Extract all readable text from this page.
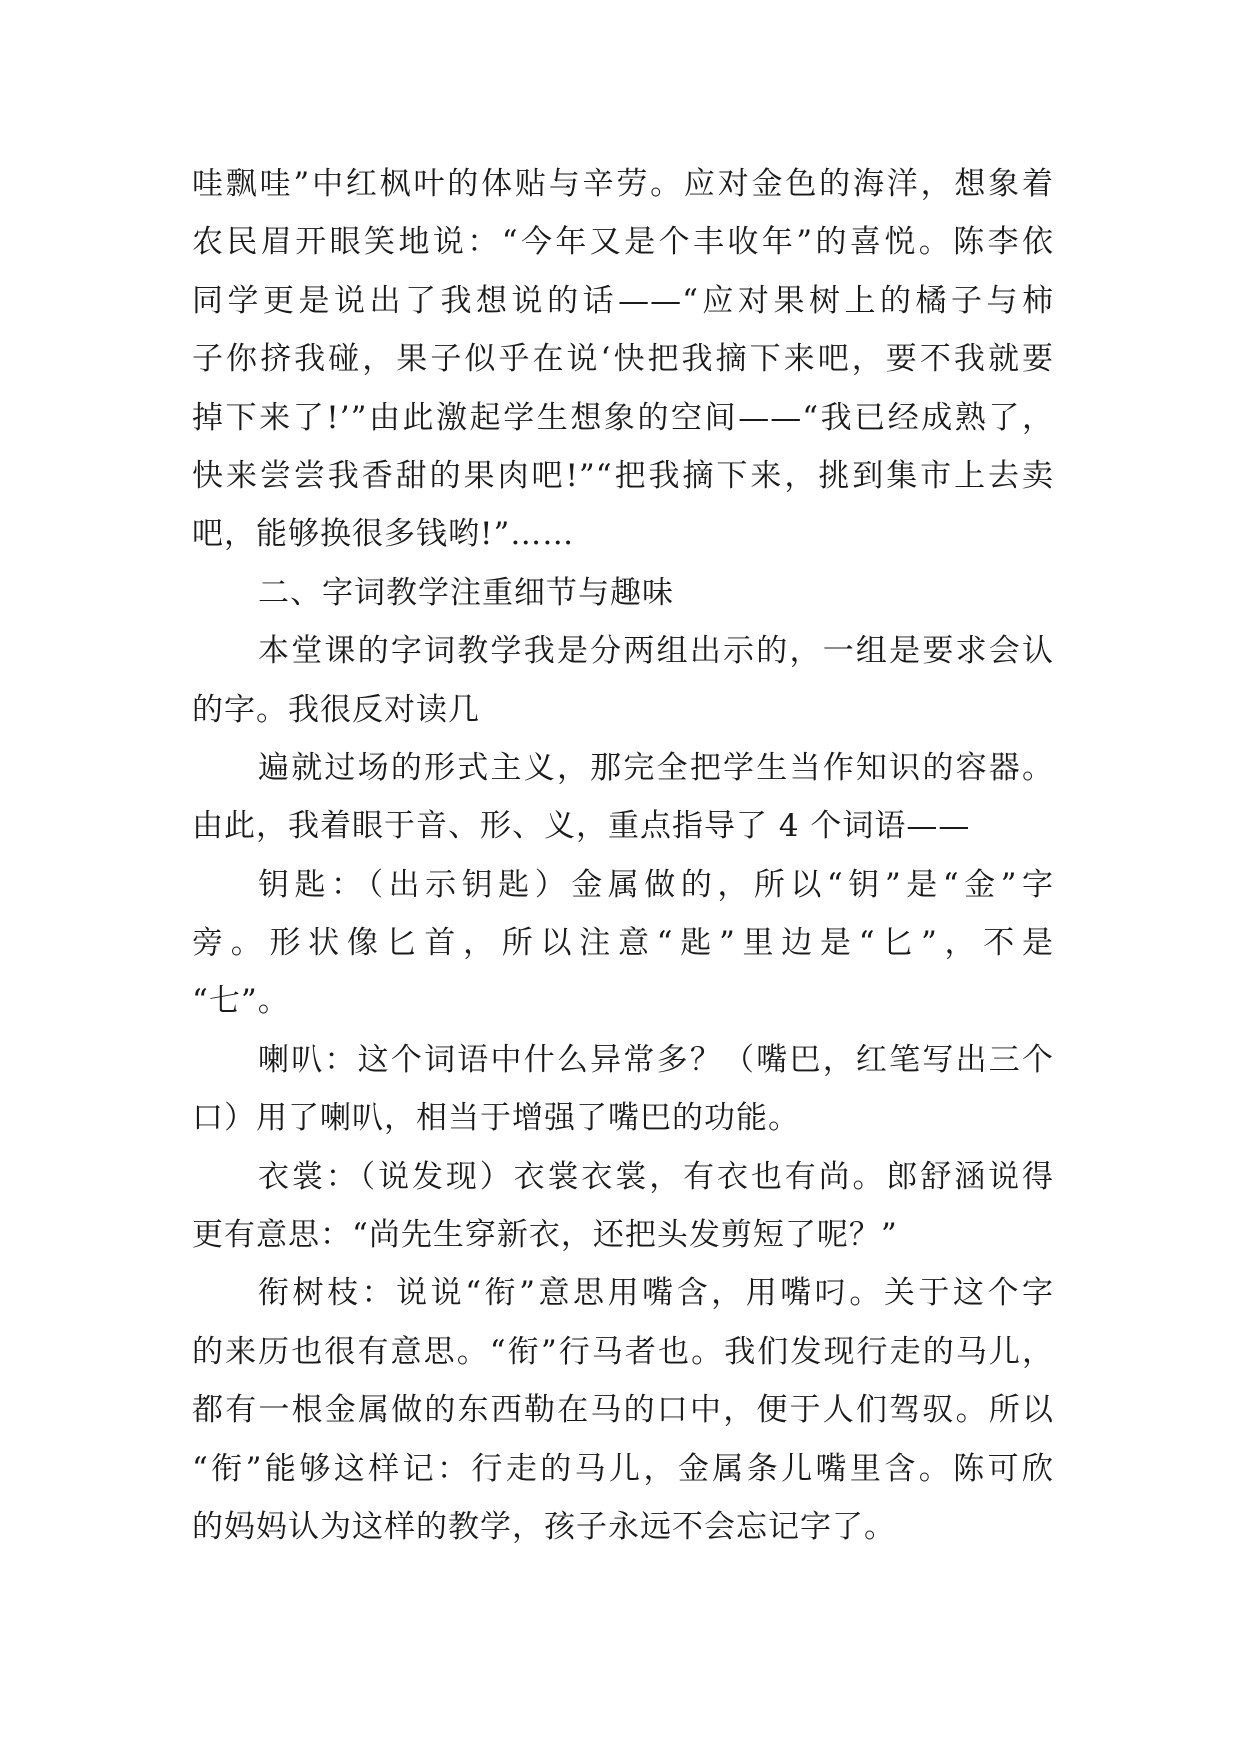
哇飘哇”中红枫叶的体贴与辛劳。应对金色的海洋，想象着
农民眉开眼笑地说：“今年又是个丰收年”的喜悦。陈李依
同学更是说出了我想说的话——“应对果树上的橘子与柿
子你挤我碰，果子似乎在说‘快把我摘下来吧，要不我就要
掉下来了!’”由此激起学生想象的空间——“我已经成熟了，
快来尝尝我香甜的果肉吧!”“把我摘下来，挑到集市上去卖
吧，能够换很多钱哟!”……
二、字词教学注重细节与趣味
本堂课的字词教学我是分两组出示的，一组是要求会认
的字。我很反对读几
遍就过场的形式主义，那完全把学生当作知识的容器。
由此，我着眼于音、形、义，重点指导了 4 个词语——
钥匙：（出示钥匙）金属做的，所以“钥”是“金”字
旁。形状像匕首，所以注意“匙”里边是“匕”，不是
“七”。
喇叭：这个词语中什么异常多？（嘴巴，红笔写出三个
口）用了喇叭，相当于增强了嘴巴的功能。
衣裳：（说发现）衣裳衣裳，有衣也有尚。郎舒涵说得
更有意思：“尚先生穿新衣，还把头发剪短了呢？”
衔树枝：说说“衔”意思用嘴含，用嘴叼。关于这个字
的来历也很有意思。“衔”行马者也。我们发现行走的马儿，
都有一根金属做的东西勒在马的口中，便于人们驾驭。所以
“衔”能够这样记：行走的马儿，金属条儿嘴里含。陈可欣
的妈妈认为这样的教学，孩子永远不会忘记字了。
